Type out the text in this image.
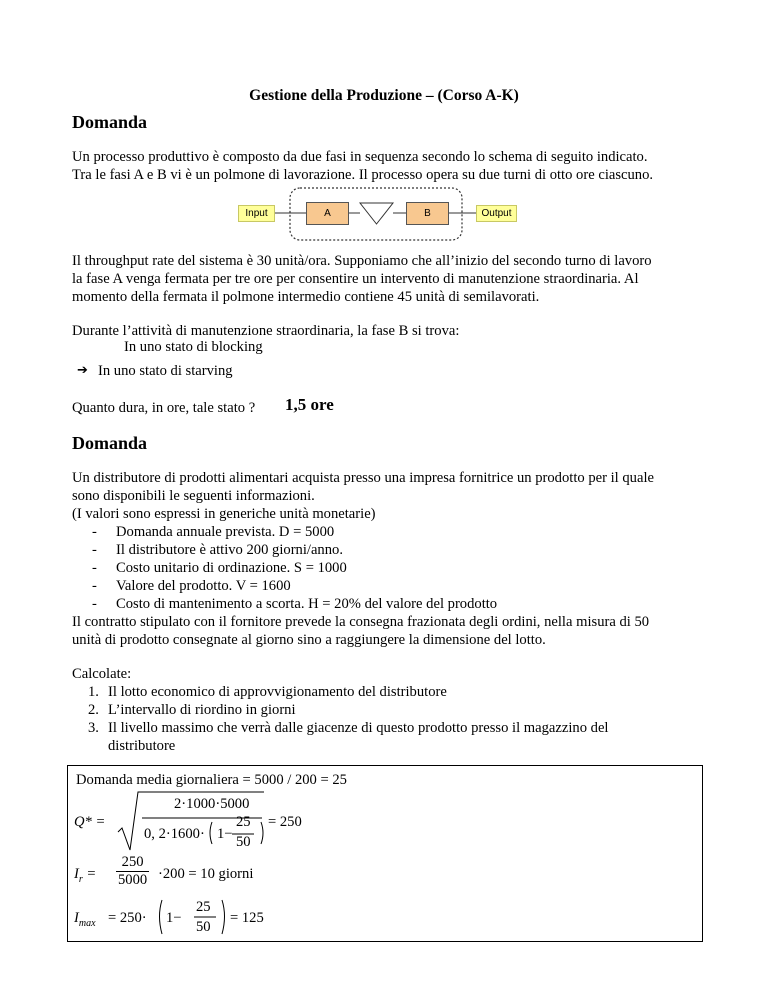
Gestione della Produzione – (Corso A-K)
Domanda
Un processo produttivo è composto da due fasi in sequenza secondo lo schema di seguito indicato.
Tra le fasi A e B vi è un polmone di lavorazione. Il processo opera su due turni di otto ore ciascuno.
Input	A	B	Output
Il throughput rate del sistema è 30 unità/ora. Supponiamo che all’inizio del secondo turno di lavoro
la fase A venga fermata per tre ore per consentire un intervento di manutenzione straordinaria. Al
momento della fermata il polmone intermedio contiene 45 unità di semilavorati.
Durante l’attività di manutenzione straordinaria, la fase B si trova:
In uno stato di blocking
➔ In uno stato di starving
Quanto dura, in ore, tale stato ? 1,5 ore
Domanda
Un distributore di prodotti alimentari acquista presso una impresa fornitrice un prodotto per il quale
sono disponibili le seguenti informazioni.
(I valori sono espressi in generiche unità monetarie)
- Domanda annuale prevista. D = 5000
- Il distributore è attivo 200 giorni/anno.
- Costo unitario di ordinazione. S = 1000
- Valore del prodotto. V = 1600
- Costo di mantenimento a scorta. H = 20% del valore del prodotto
Il contratto stipulato con il fornitore prevede la consegna frazionata degli ordini, nella misura di 50
unità di prodotto consegnate al giorno sino a raggiungere la dimensione del lotto.
Calcolate:
1. Il lotto economico di approvvigionamento del distributore
2. L’intervallo di riordino in giorni
3. Il livello massimo che verrà dalle giacenze di questo prodotto presso il magazzino del
distributore
Domanda media giornaliera = 5000 / 200 = 25
Q* =
2·1000·5000
0, 2·1600· 1−
25
50
= 250
$I_r = \frac{250}{5000} \cdot 200 = 10$ giorni
$I_{max} = 250\cdot 1-$
25
50
= 125
